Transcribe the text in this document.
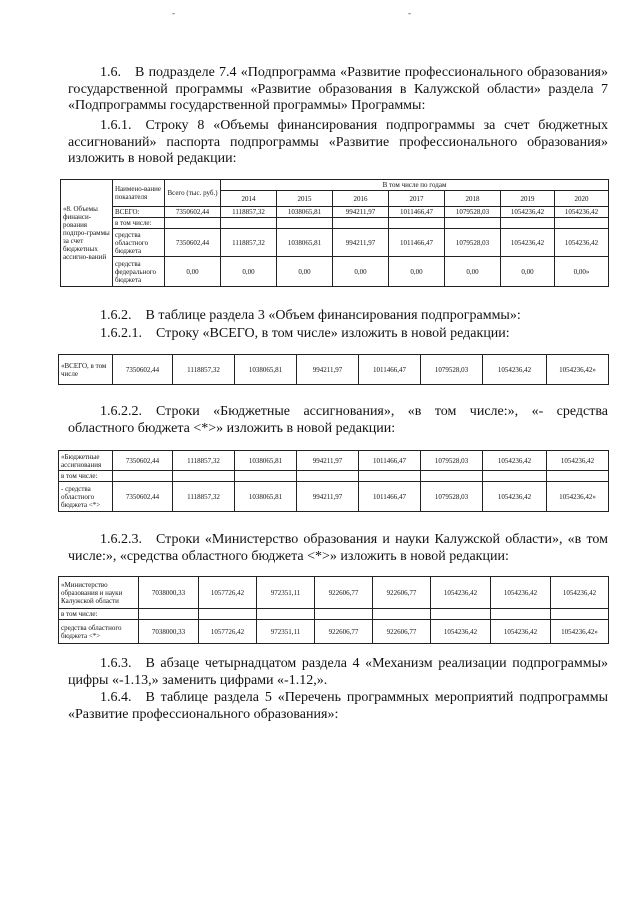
-	-

1.6. В подразделе 7.4 «Подпрограмма «Развитие профессионального образования» государственной программы «Развитие образования в Калужской области» раздела 7 «Подпрограммы государственной программы» Программы:

1.6.1. Строку 8 «Объемы финансирования подпрограммы за счет бюджетных ассигнований» паспорта подпрограммы «Развитие профессионального образования» изложить в новой редакции:

«8. Объемы финанси-рования подпро-граммы за счет бюджетных ассигно-ваний	Наимено-вание показателя	Всего (тыс. руб.)	В том числе по годам						
			2014	2015	2016	2017	2018	2019	2020
	ВСЕГО:	7350602,44	1118857,32	1038065,81	994211,97	1011466,47	1079528,03	1054236,42	1054236,42
	в том числе:								
	средства областного бюджета	7350602,44	1118857,32	1038065,81	994211,97	1011466,47	1079528,03	1054236,42	1054236,42
	средства федерального бюджета	0,00	0,00	0,00	0,00	0,00	0,00	0,00	0,00»

1.6.2. В таблице раздела 3 «Объем финансирования подпрограммы»:

1.6.2.1. Строку «ВСЕГО, в том числе» изложить в новой редакции:

«ВСЕГО, в том числе	7350602,44	1118857,32	1038065,81	994211,97	1011466,47	1079528,03	1054236,42	1054236,42»

1.6.2.2. Строки «Бюджетные ассигнования», «в том числе:», «- средства областного бюджета <*>» изложить в новой редакции:

«Бюджетные ассигнования	7350602,44	1118857,32	1038065,81	994211,97	1011466,47	1079528,03	1054236,42	1054236,42
в том числе:								
- средства областного бюджета <*>	7350602,44	1118857,32	1038065,81	994211,97	1011466,47	1079528,03	1054236,42	1054236,42»

1.6.2.3. Строки «Министерство образования и науки Калужской области», «в том числе:», «средства областного бюджета <*>» изложить в новой редакции:

«Министерство образования и науки Калужской области	7038000,33	1057726,42	972351,11	922606,77	922606,77	1054236,42	1054236,42	1054236,42
в том числе:								
средства областного бюджета <*>	7038000,33	1057726,42	972351,11	922606,77	922606,77	1054236,42	1054236,42	1054236,42»

1.6.3. В абзаце четырнадцатом раздела 4 «Механизм реализации подпрограммы» цифры «-1.13,» заменить цифрами «-1.12,».

1.6.4. В таблице раздела 5 «Перечень программных мероприятий подпрограммы «Развитие профессионального образования»:
